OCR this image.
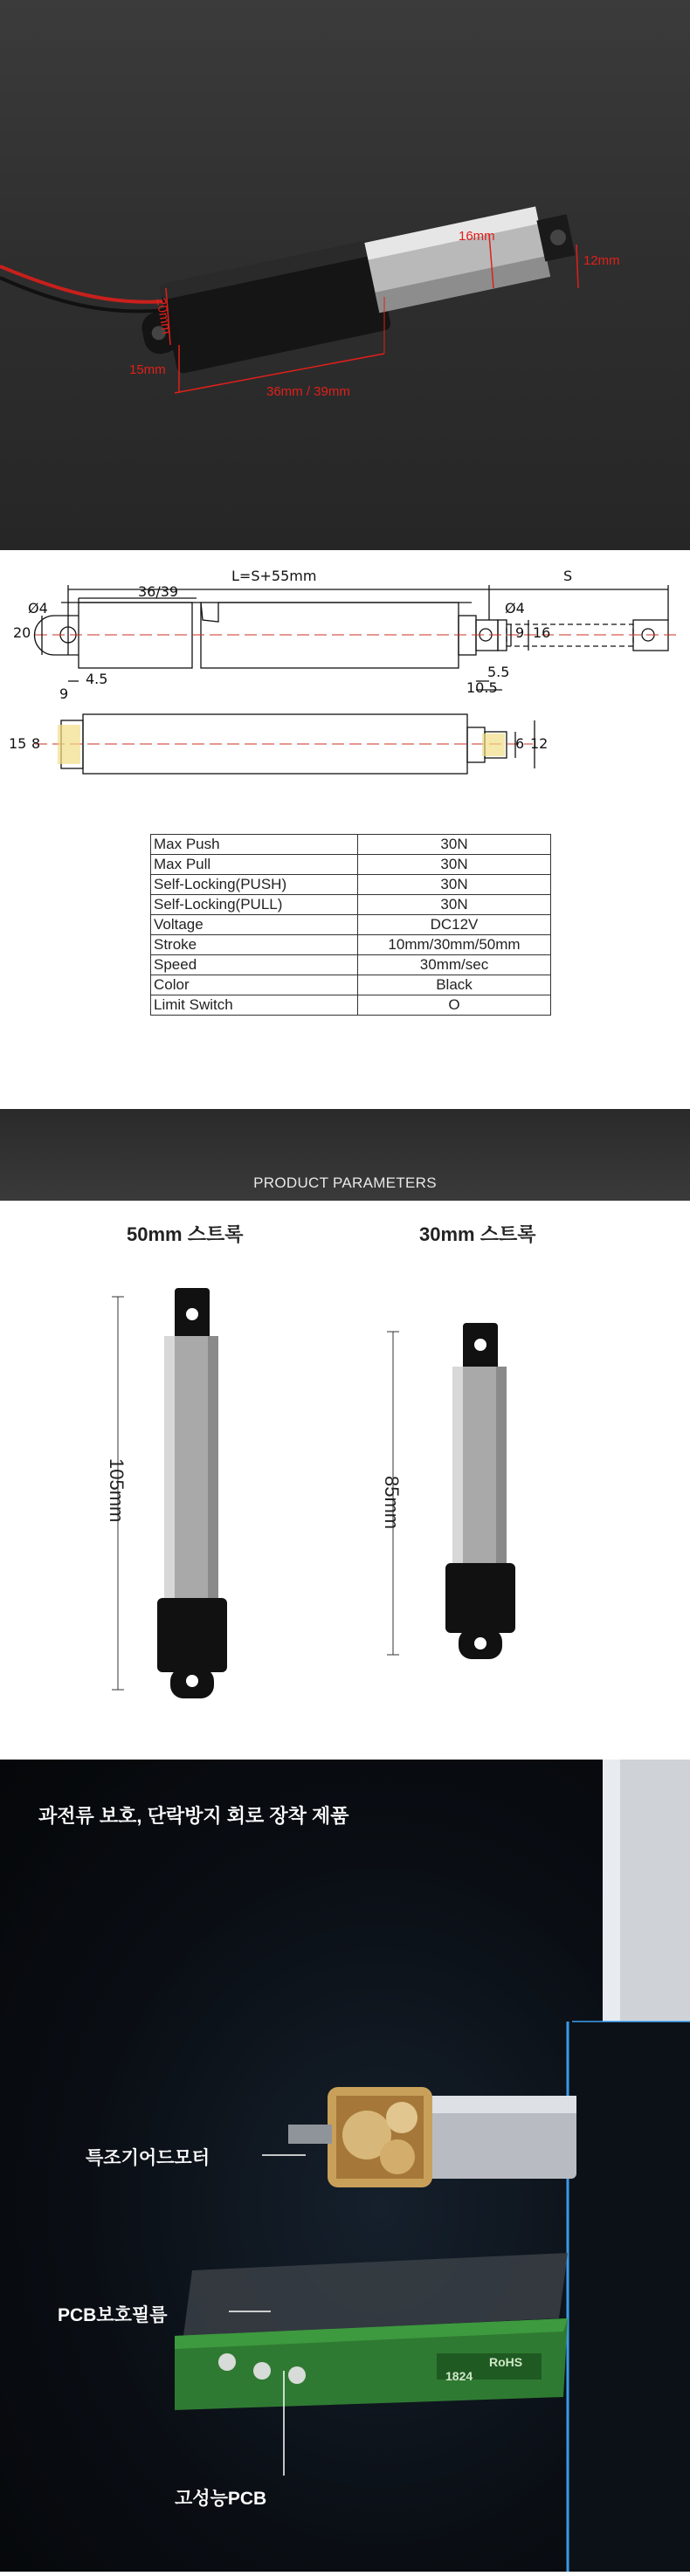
16mm
12mm
20mm
15mm
36mm / 39mm
L=S+55mm	S
36/39
Ø4	Ø4
20	9 16
9
4.5	5.5
10.5
15 8	6 12
Max Push	30N
Max Pull	30N
Self-Locking(PUSH)	30N
Self-Locking(PULL)	30N
Voltage	DC12V
Stroke	10mm/30mm/50mm
Speed	30mm/sec
Color	Black
Limit Switch	O
PRODUCT PARAMETERS
50mm 스트록	30mm 스트록
105mm	85mm
과전류 보호, 단락방지 회로 장착 제품
특조기어드모터
PCB보호필름
고성능PCB
RoHS
1824
